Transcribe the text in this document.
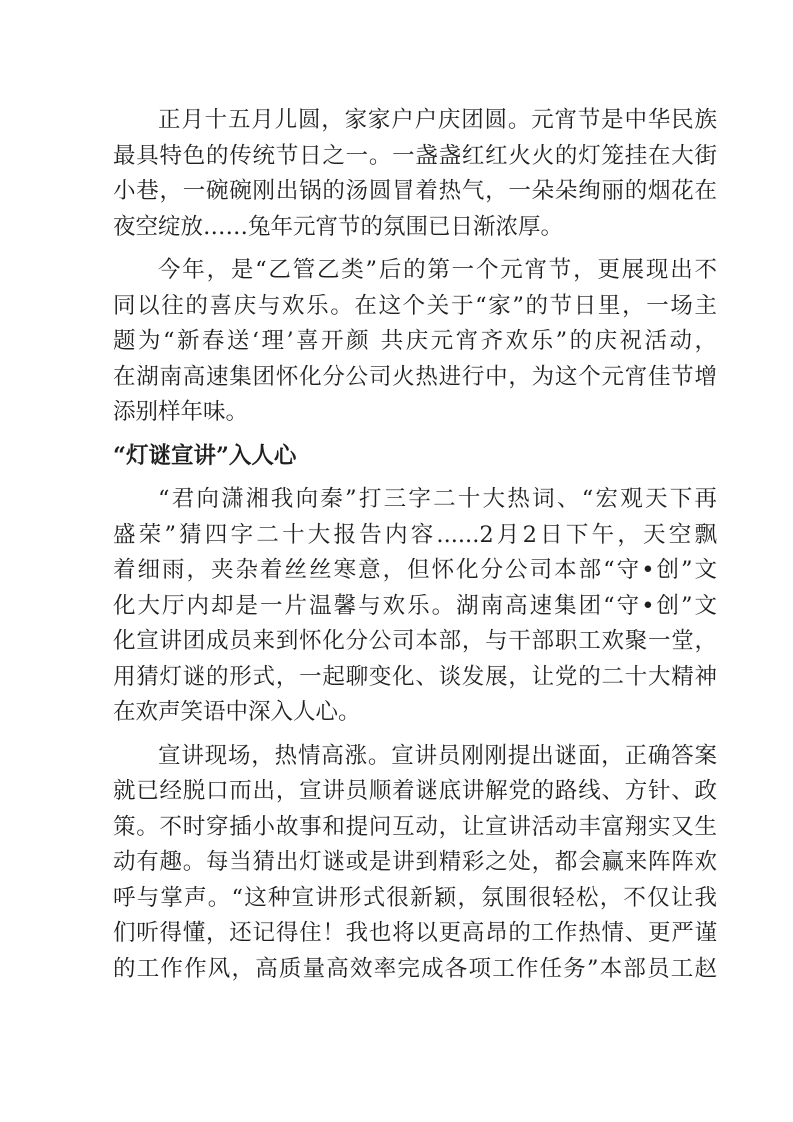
正月十五月儿圆，家家户户庆团圆。元宵节是中华民族
最具特色的传统节日之一。一盏盏红红火火的灯笼挂在大街
小巷，一碗碗刚出锅的汤圆冒着热气，一朵朵绚丽的烟花在
夜空绽放……兔年元宵节的氛围已日渐浓厚。
今年，是“乙管乙类”后的第一个元宵节，更展现出不
同以往的喜庆与欢乐。在这个关于“家”的节日里，一场主
题为“新春送‘理’喜开颜 共庆元宵齐欢乐”的庆祝活动，
在湖南高速集团怀化分公司火热进行中，为这个元宵佳节增
添别样年味。
“灯谜宣讲”入人心
“君向潇湘我向秦”打三字二十大热词、“宏观天下再
盛荣”猜四字二十大报告内容......2月2日下午，天空飘
着细雨，夹杂着丝丝寒意，但怀化分公司本部“守•创”文
化大厅内却是一片温馨与欢乐。湖南高速集团“守•创”文
化宣讲团成员来到怀化分公司本部，与干部职工欢聚一堂，
用猜灯谜的形式，一起聊变化、谈发展，让党的二十大精神
在欢声笑语中深入人心。
宣讲现场，热情高涨。宣讲员刚刚提出谜面，正确答案
就已经脱口而出，宣讲员顺着谜底讲解党的路线、方针、政
策。不时穿插小故事和提问互动，让宣讲活动丰富翔实又生
动有趣。每当猜出灯谜或是讲到精彩之处，都会赢来阵阵欢
呼与掌声。“这种宣讲形式很新颖，氛围很轻松，不仅让我
们听得懂，还记得住！我也将以更高昂的工作热情、更严谨
的工作作风，高质量高效率完成各项工作任务”本部员工赵
